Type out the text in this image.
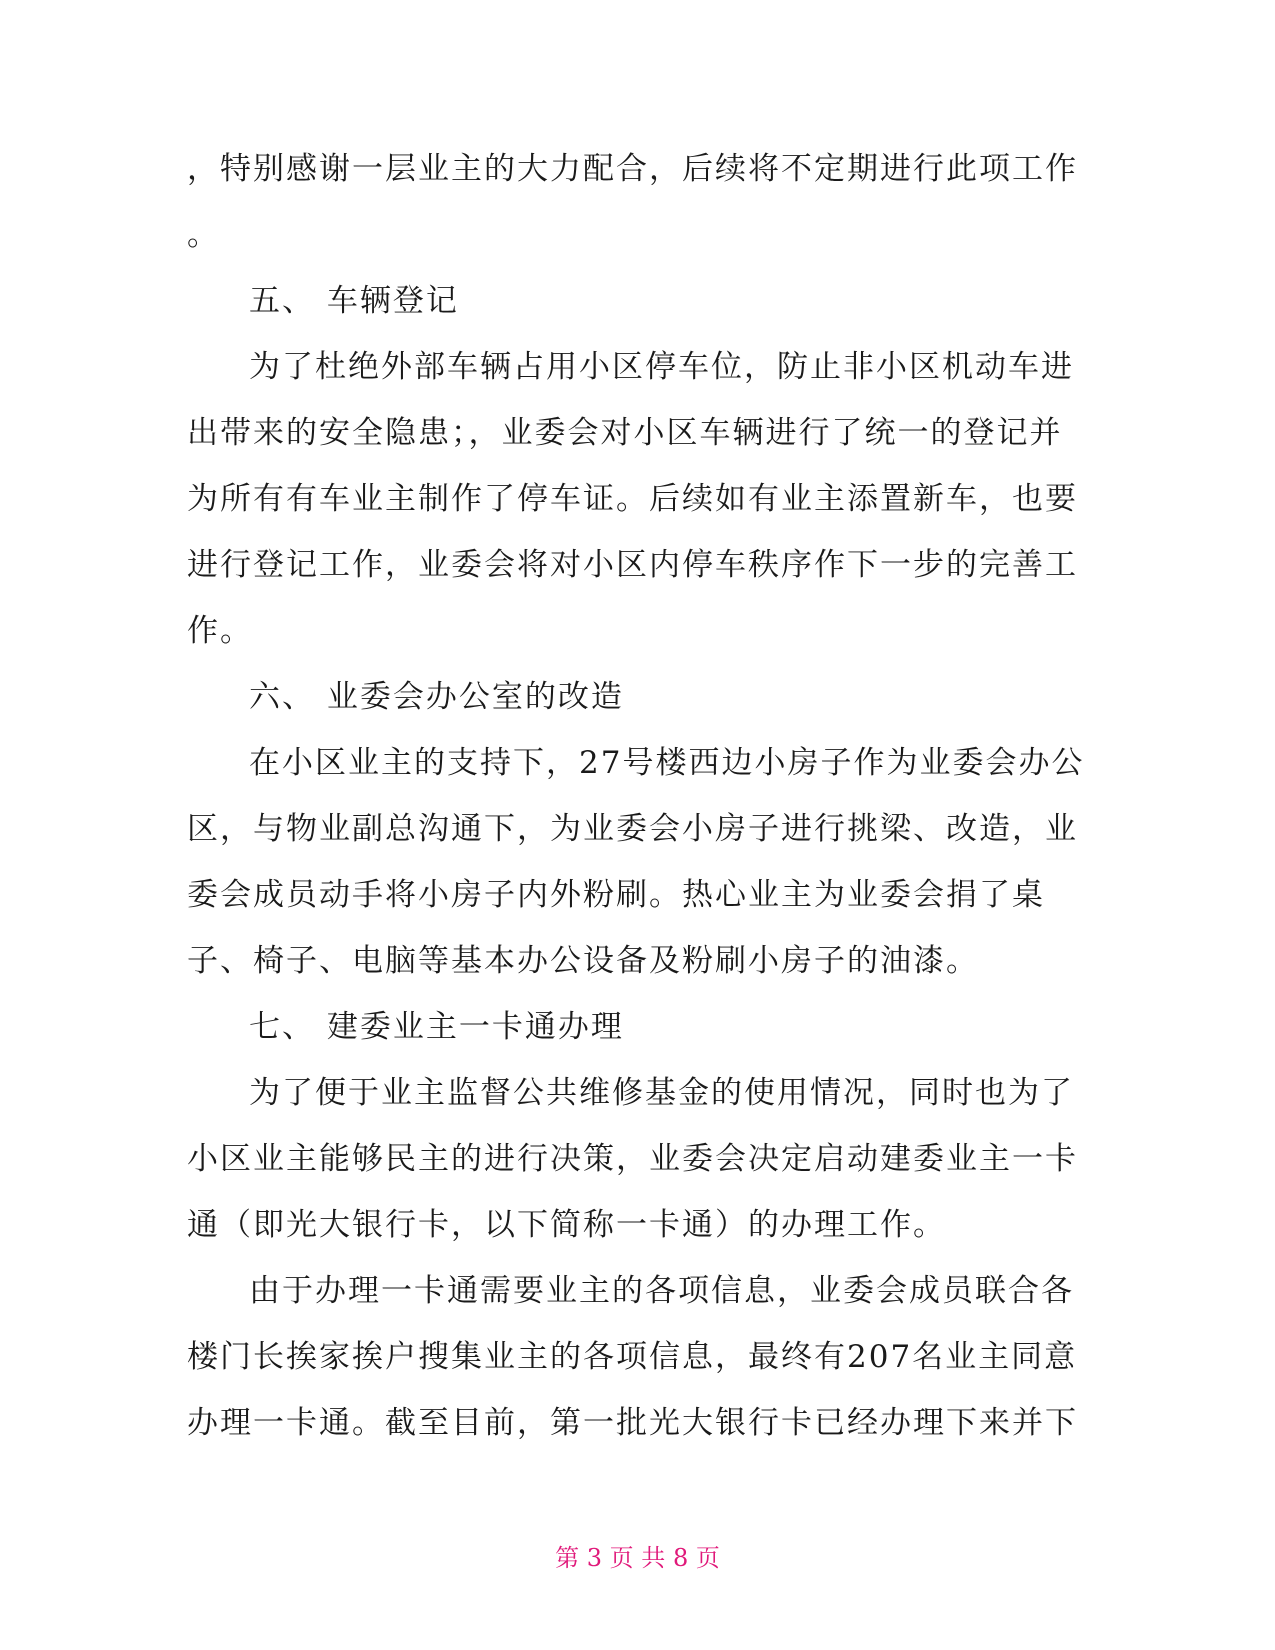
，特别感谢一层业主的大力配合，后续将不定期进行此项工作

。

五、 车辆登记

为了杜绝外部车辆占用小区停车位，防止非小区机动车进出带来的安全隐患；，业委会对小区车辆进行了统一的登记并为所有有车业主制作了停车证。后续如有业主添置新车，也要进行登记工作，业委会将对小区内停车秩序作下一步的完善工作。

六、 业委会办公室的改造

在小区业主的支持下，27号楼西边小房子作为业委会办公区，与物业副总沟通下，为业委会小房子进行挑梁、改造，业委会成员动手将小房子内外粉刷。热心业主为业委会捐了桌子、椅子、电脑等基本办公设备及粉刷小房子的油漆。

七、 建委业主一卡通办理

为了便于业主监督公共维修基金的使用情况，同时也为了小区业主能够民主的进行决策，业委会决定启动建委业主一卡通（即光大银行卡，以下简称一卡通）的办理工作。

由于办理一卡通需要业主的各项信息，业委会成员联合各楼门长挨家挨户搜集业主的各项信息，最终有207名业主同意办理一卡通。截至目前，第一批光大银行卡已经办理下来并下

第 3 页 共 8 页
